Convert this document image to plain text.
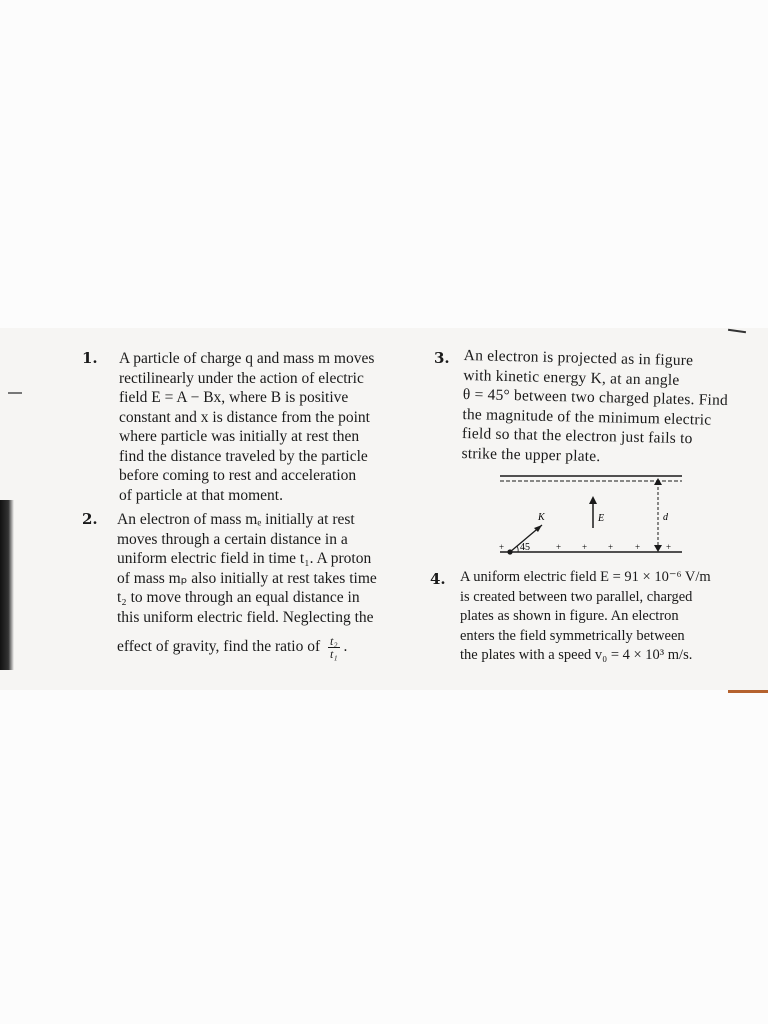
1. A particle of charge q and mass m moves

rectilinearly under the action of electric

field E = A − Bx, where B is positive

constant and x is distance from the point

where particle was initially at rest then

find the distance traveled by the particle

before coming to rest and acceleration

of particle at that moment.

2. An electron of mass mₑ initially at rest

moves through a certain distance in a

uniform electric field in time t₁. A proton

of mass mₚ also initially at rest takes time

t₂ to move through an equal distance in

this uniform electric field. Neglecting the

effect of gravity, find the ratio of $\frac{\text{t₂}}{\text{t₁}}$ .

3. An electron is projected as in figure

with kinetic energy K, at an angle

θ = 45° between two charged plates. Find

the magnitude of the minimum electric

field so that the electron just fails to

strike the upper plate.

K	E	d
45
+	+ + + +	+
4. A uniform electric field E = 91 × 10⁻⁶ V/m

is created between two parallel, charged

plates as shown in figure. An electron

enters the field symmetrically between

the plates with a speed v₀ = 4 × 10³ m/s.
